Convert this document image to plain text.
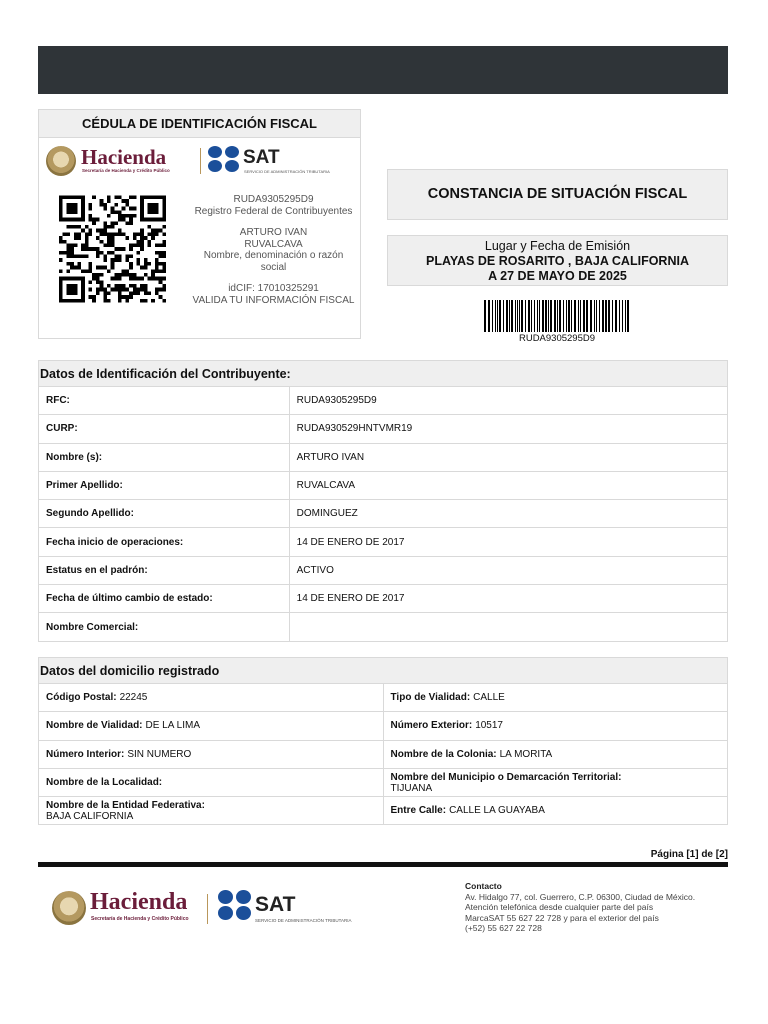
CÉDULA DE IDENTIFICACIÓN FISCAL
Hacienda
Secretaría de Hacienda y Crédito Público
SAT
SERVICIO DE ADMINISTRACIÓN TRIBUTARIA
RUDA9305295D9
Registro Federal de Contribuyentes
ARTURO IVAN
RUVALCAVA
Nombre, denominación o razón social
idCIF: 17010325291
VALIDA TU INFORMACIÓN FISCAL
CONSTANCIA DE SITUACIÓN FISCAL
Lugar y Fecha de Emisión
PLAYAS DE ROSARITO , BAJA CALIFORNIA
A 27 DE MAYO DE 2025
RUDA9305295D9
Datos de Identificación del Contribuyente:
RFC:	RUDA9305295D9
CURP:	RUDA930529HNTVMR19
Nombre (s):	ARTURO IVAN
Primer Apellido:	RUVALCAVA
Segundo Apellido:	DOMINGUEZ
Fecha inicio de operaciones:	14 DE ENERO DE 2017
Estatus en el padrón:	ACTIVO
Fecha de último cambio de estado:	14 DE ENERO DE 2017
Nombre Comercial:
Datos del domicilio registrado
Código Postal: 22245	Tipo de Vialidad: CALLE
Nombre de Vialidad: DE LA LIMA	Número Exterior: 10517
Número Interior: SIN NUMERO	Nombre de la Colonia: LA MORITA
Nombre de la Localidad:	Nombre del Municipio o Demarcación Territorial:
TIJUANA
Nombre de la Entidad Federativa:
BAJA CALIFORNIA
Entre Calle: CALLE LA GUAYABA
Página [1] de [2]
Hacienda
Secretaría de Hacienda y Crédito Público
SAT
SERVICIO DE ADMINISTRACIÓN TRIBUTARIA
Contacto
Av. Hidalgo 77, col. Guerrero, C.P. 06300, Ciudad de México.
Atención telefónica desde cualquier parte del país
MarcaSAT 55 627 22 728 y para el exterior del país
(+52) 55 627 22 728
